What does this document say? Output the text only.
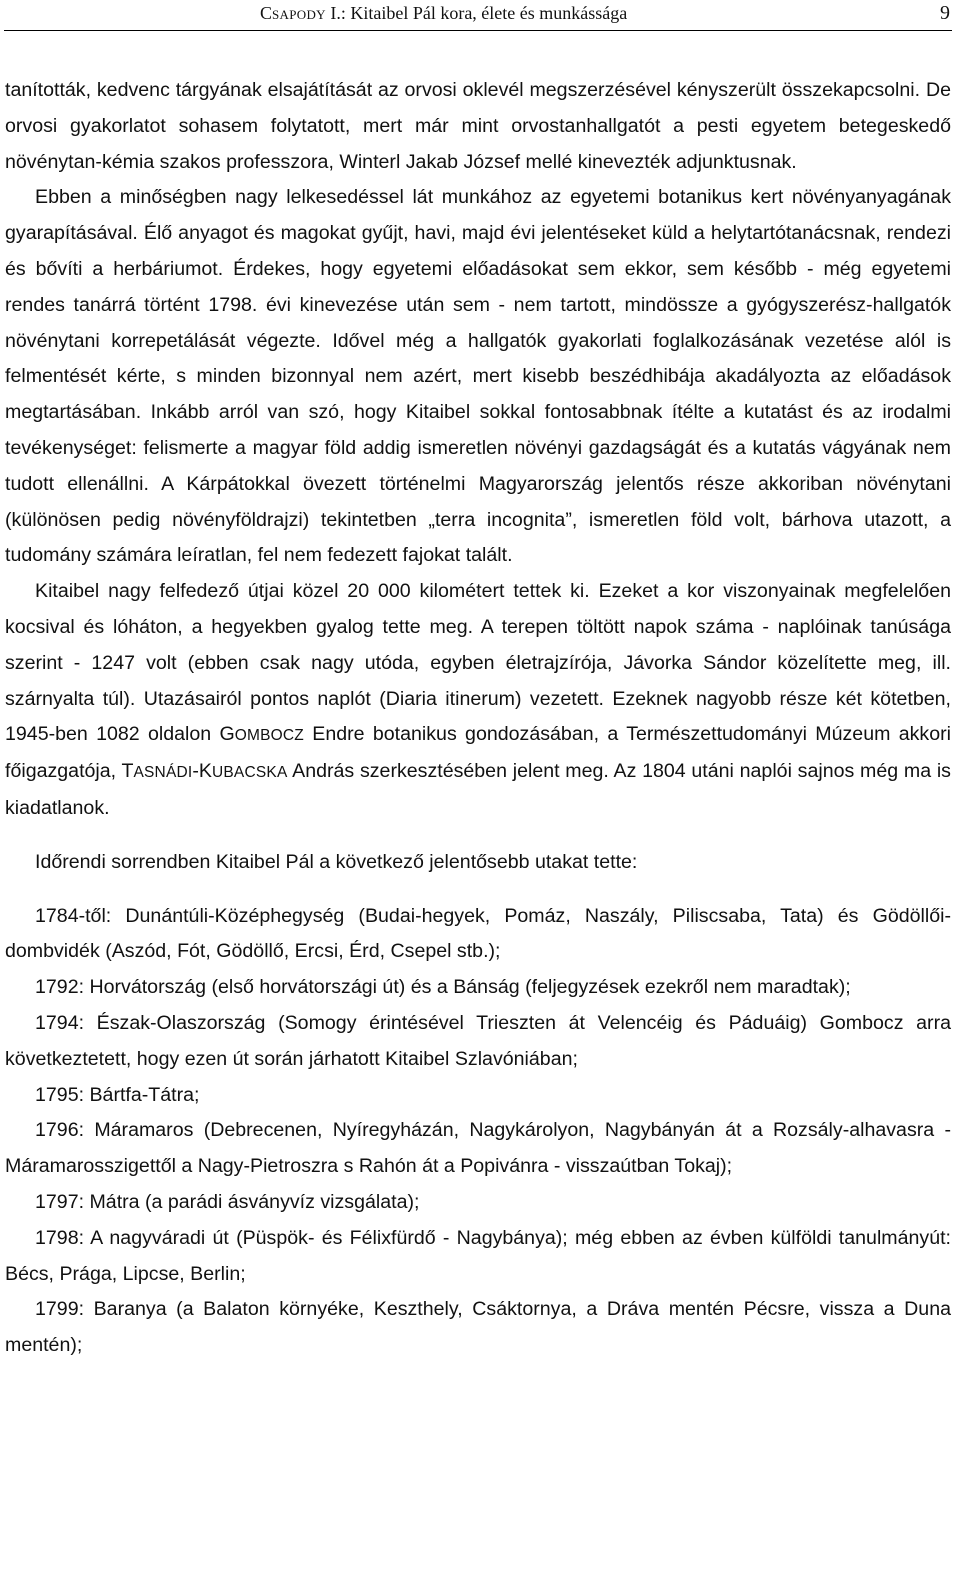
CSAPODY I.: Kitaibel Pál kora, élete és munkássága	9

tanították, kedvenc tárgyának elsajátítását az orvosi oklevél megszerzésével kényszerült összekapcsolni. De orvosi gyakorlatot sohasem folytatott, mert már mint orvostanhallgatót a pesti egyetem betegeskedő növénytan-kémia szakos professzora, Winterl Jakab József mellé kinevezték adjunktusnak.

Ebben a minőségben nagy lelkesedéssel lát munkához az egyetemi botanikus kert növényanyagának gyarapításával. Élő anyagot és magokat gyűjt, havi, majd évi jelentéseket küld a helytartótanácsnak, rendezi és bővíti a herbáriumot. Érdekes, hogy egyetemi előadásokat sem ekkor, sem később - még egyetemi rendes tanárrá történt 1798. évi kinevezése után sem - nem tartott, mindössze a gyógyszerész-hallgatók növénytani korrepetálását végezte. Idővel még a hallgatók gyakorlati foglalkozásának vezetése alól is felmentését kérte, s minden bizonnyal nem azért, mert kisebb beszédhibája akadályozta az előadások megtartásában. Inkább arról van szó, hogy Kitaibel sokkal fontosabbnak ítélte a kutatást és az irodalmi tevékenységet: felismerte a magyar föld addig ismeretlen növényi gazdagságát és a kutatás vágyának nem tudott ellenállni. A Kárpátokkal övezett történelmi Magyarország jelentős része akkoriban növénytani (különösen pedig növényföldrajzi) tekintetben „terra incognita”, ismeretlen föld volt, bárhova utazott, a tudomány számára leíratlan, fel nem fedezett fajokat talált.

Kitaibel nagy felfedező útjai közel 20 000 kilométert tettek ki. Ezeket a kor viszonyainak megfelelően kocsival és lóháton, a hegyekben gyalog tette meg. A terepen töltött napok száma - naplóinak tanúsága szerint - 1247 volt (ebben csak nagy utóda, egyben életrajzírója, Jávorka Sándor közelítette meg, ill. szárnyalta túl). Utazásairól pontos naplót (Diaria itinerum) vezetett. Ezeknek nagyobb része két kötetben, 1945-ben 1082 oldalon GOMBOCZ Endre botanikus gondozásában, a Természettudományi Múzeum akkori főigazgatója, TASNÁDI-KUBACSKA András szerkesztésében jelent meg. Az 1804 utáni naplói sajnos még ma is kiadatlanok.

Időrendi sorrendben Kitaibel Pál a következő jelentősebb utakat tette:

1784-től: Dunántúli-Középhegység (Budai-hegyek, Pomáz, Naszály, Piliscsaba, Tata) és Gödöllői-dombvidék (Aszód, Fót, Gödöllő, Ercsi, Érd, Csepel stb.);

1792: Horvátország (első horvátországi út) és a Bánság (feljegyzések ezekről nem maradtak);

1794: Észak-Olaszország (Somogy érintésével Trieszten át Velencéig és Páduáig) Gombocz arra következtetett, hogy ezen út során járhatott Kitaibel Szlavóniában;

1795: Bártfa-Tátra;

1796: Máramaros (Debrecenen, Nyíregyházán, Nagykárolyon, Nagybányán át a Rozsály-alhavasra - Máramarosszigettől a Nagy-Pietroszra s Rahón át a Popivánra - visszaútban Tokaj);

1797: Mátra (a parádi ásványvíz vizsgálata);

1798: A nagyváradi út (Püspök- és Félixfürdő - Nagybánya); még ebben az évben külföldi tanulmányút: Bécs, Prága, Lipcse, Berlin;

1799: Baranya (a Balaton környéke, Keszthely, Csáktornya, a Dráva mentén Pécsre, vissza a Duna mentén);
